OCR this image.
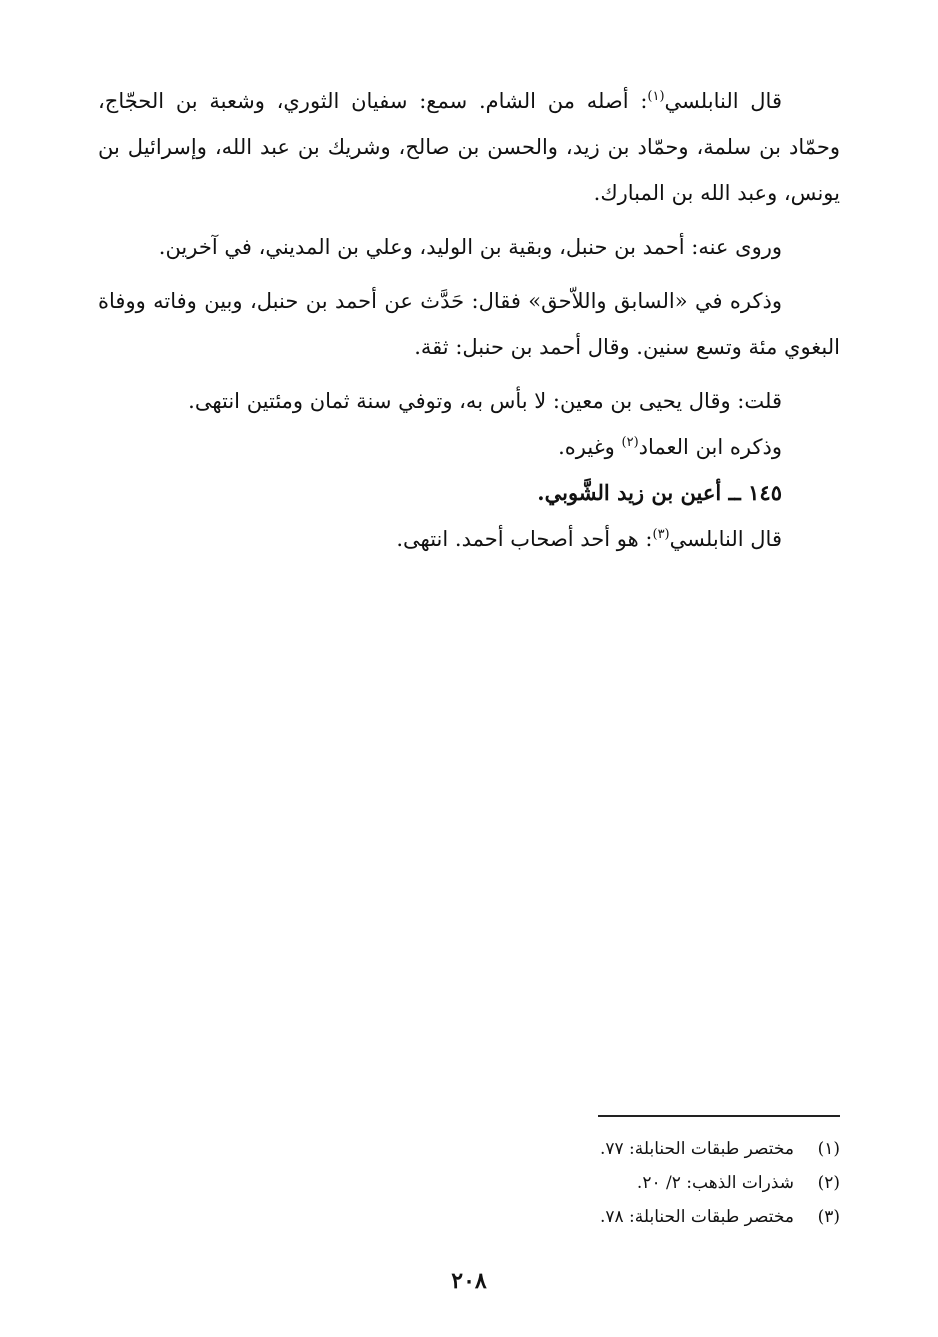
قال النابلسي$^{(١)}$: أصله من الشام. سمع: سفيان الثوري، وشعبة بن الحجّاج، وحمّاد بن سلمة، وحمّاد بن زيد، والحسن بن صالح، وشريك بن عبد الله، وإسرائيل بن يونس، وعبد الله بن المبارك.

وروى عنه: أحمد بن حنبل، وبقية بن الوليد، وعلي بن المديني، في آخرين.

وذكره في «السابق واللاّحق» فقال: حَدَّث عن أحمد بن حنبل، وبين وفاته ووفاة البغوي مئة وتسع سنين. وقال أحمد بن حنبل: ثقة.

قلت: وقال يحيى بن معين: لا بأس به، وتوفي سنة ثمان ومئتين انتهى.

وذكره ابن العماد$^{(٢)}$ وغيره.

١٤٥ ــ أعين بن زيد الشَّوبي.

قال النابلسي$^{(٣)}$: هو أحد أصحاب أحمد. انتهى.

(١)
مختصر طبقات الحنابلة: ٧٧.
(٢)
شذرات الذهب: ٢/ ٢٠.
(٣)
مختصر طبقات الحنابلة: ٧٨.
٢٠٨
